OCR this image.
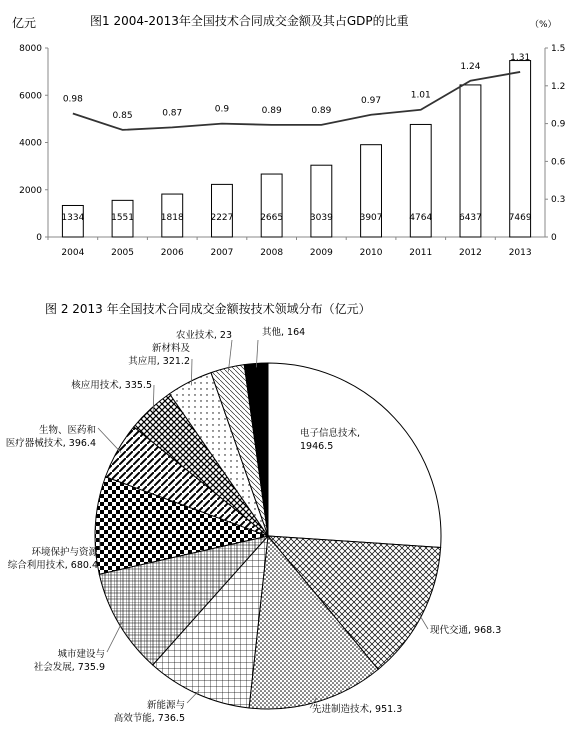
亿元	图1 2004-2013年全国技术合同成交金额及其占GDP的比重	（%）
0
2000
4000
6000
8000
0
0.3
0.6
0.9
1.2
1.5
1334	1551	1818	2227	2665	3039	3907	4764	6437	7469
0.98
0.85	0.87	0.9	0.89	0.89
0.97
1.01
1.24
1.31
2004	2005	2006	2007	2008	2009	2010	2011	2012	2013
图 2 2013 年全国技术合同成交金额按技术领域分布（亿元）
电子信息技术,
1946.5
现代交通, 968.3
先进制造技术, 951.3
新能源与
高效节能, 736.5
城市建设与
社会发展, 735.9
环境保护与资源
综合利用技术, 680.4
生物、医药和
医疗器械技术, 396.4
核应用技术, 335.5
新材料及
其应用, 321.2
农业技术, 23	其他, 164
